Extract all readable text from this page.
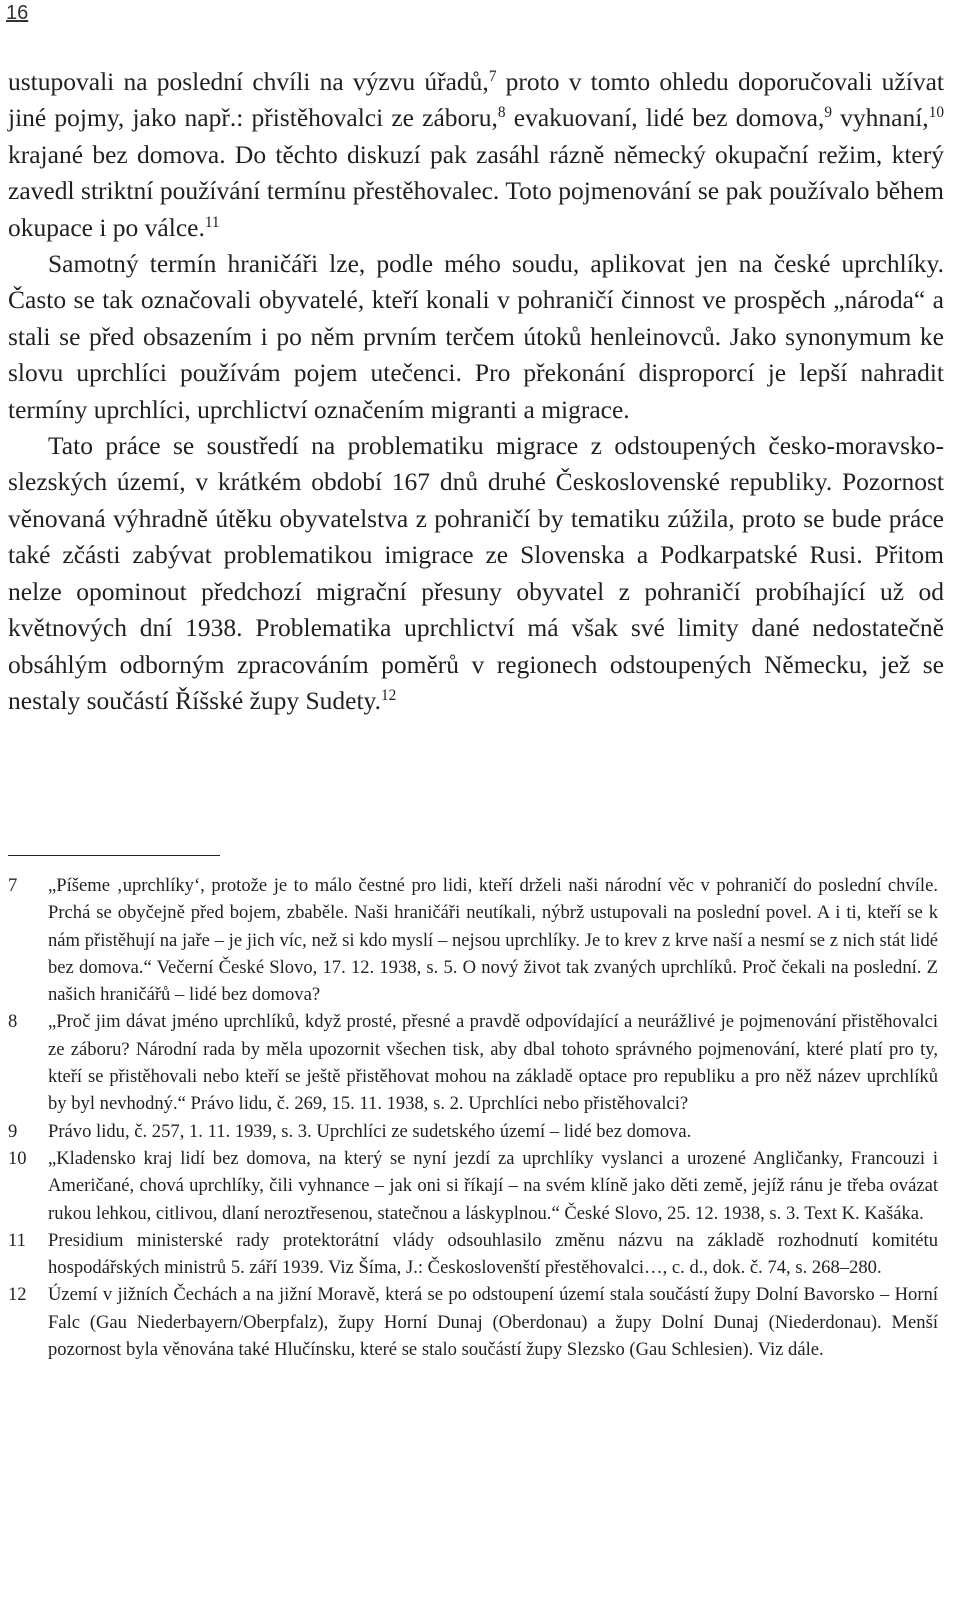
16

ustupovali na poslední chvíli na výzvu úřadů,$^7$ proto v tomto ohledu doporučovali užívat jiné pojmy, jako např.: přistěhovalci ze záboru,$^8$ evakuovaní, lidé bez domova,$^9$ vyhnaní,$^{10}$ krajané bez domova. Do těchto diskuzí pak zasáhl rázně německý okupační režim, který zavedl striktní používání termínu přestěhovalec. Toto pojmenování se pak používalo během okupace i po válce.$^{11}$

Samotný termín hraničáři lze, podle mého soudu, aplikovat jen na české uprchlíky. Často se tak označovali obyvatelé, kteří konali v pohraničí činnost ve prospěch „národa“ a stali se před obsazením i po něm prvním terčem útoků henleinovců. Jako synonymum ke slovu uprchlíci používám pojem utečenci. Pro překonání disproporcí je lepší nahradit termíny uprchlíci, uprchlictví označením migranti a migrace.

Tato práce se soustředí na problematiku migrace z odstoupených česko-moravsko-slezských území, v krátkém období 167 dnů druhé Československé republiky. Pozornost věnovaná výhradně útěku obyvatelstva z pohraničí by tematiku zúžila, proto se bude práce také zčásti zabývat problematikou imigrace ze Slovenska a Podkarpatské Rusi. Přitom nelze opominout předchozí migrační přesuny obyvatel z pohraničí probíhající už od květnových dní 1938. Problematika uprchlictví má však své limity dané nedostatečně obsáhlým odborným zpracováním poměrů v regionech odstoupených Německu, jež se nestaly součástí Říšské župy Sudety.$^{12}$

7 „Píšeme ‚uprchlíky‘, protože je to málo čestné pro lidi, kteří drželi naši národní věc v pohraničí do poslední chvíle. Prchá se obyčejně před bojem, zbaběle. Naši hraničáři neutíkali, nýbrž ustupovali na poslední povel. A i ti, kteří se k nám přistěhují na jaře – je jich víc, než si kdo myslí – nejsou uprchlíky. Je to krev z krve naší a nesmí se z nich stát lidé bez domova.“ Večerní České Slovo, 17. 12. 1938, s. 5. O nový život tak zvaných uprchlíků. Proč čekali na poslední. Z našich hraničářů – lidé bez domova?

8 „Proč jim dávat jméno uprchlíků, když prosté, přesné a pravdě odpovídající a neurážlivé je pojmenování přistěhovalci ze záboru? Národní rada by měla upozornit všechen tisk, aby dbal tohoto správného pojmenování, které platí pro ty, kteří se přistěhovali nebo kteří se ještě přistěhovat mohou na základě optace pro republiku a pro něž název uprchlíků by byl nevhodný.“ Právo lidu, č. 269, 15. 11. 1938, s. 2. Uprchlíci nebo přistěhovalci?

9 Právo lidu, č. 257, 1. 11. 1939, s. 3. Uprchlíci ze sudetského území – lidé bez domova.

10 „Kladensko kraj lidí bez domova, na který se nyní jezdí za uprchlíky vyslanci a urozené Angličanky, Francouzi i Američané, chová uprchlíky, čili vyhnance – jak oni si říkají – na svém klíně jako děti země, jejíž ránu je třeba ovázat rukou lehkou, citlivou, dlaní neroztřesenou, statečnou a láskyplnou.“ České Slovo, 25. 12. 1938, s. 3. Text K. Kašáka.

11 Presidium ministerské rady protektorátní vlády odsouhlasilo změnu názvu na základě rozhodnutí komitétu hospodářských ministrů 5. září 1939. Viz Šíma, J.: Českoslovenští přestěhovalci…, c. d., dok. č. 74, s. 268–280.

12 Území v jižních Čechách a na jižní Moravě, která se po odstoupení území stala součástí župy Dolní Bavorsko – Horní Falc (Gau Niederbayern/Oberpfalz), župy Horní Dunaj (Oberdonau) a župy Dolní Dunaj (Niederdonau). Menší pozornost byla věnována také Hlučínsku, které se stalo součástí župy Slezsko (Gau Schlesien). Viz dále.
